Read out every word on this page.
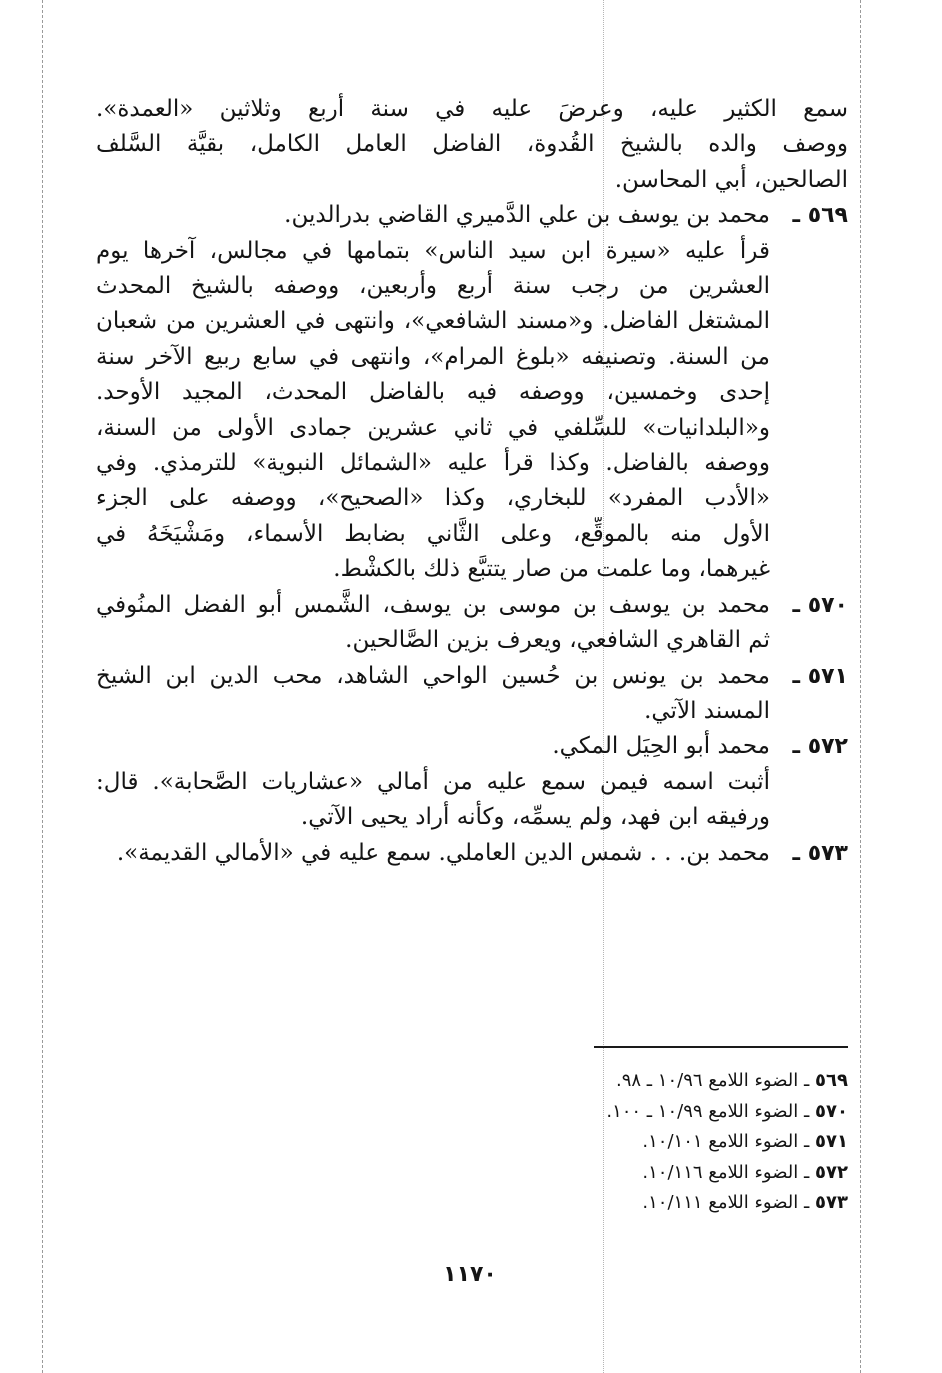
سمع الكثير عليه، وعرضَ عليه في سنة أربع وثلاثين «العمدة».
ووصف والده بالشيخ القُدوة، الفاضل العامل الكامل، بقيَّة السَّلف
الصالحين، أبي المحاسن.
٥٦٩ ـ
محمد بن يوسف بن علي الدَّميري القاضي بدرالدين.
قرأ عليه «سيرة ابن سيد الناس» بتمامها في مجالس، آخرها يوم
العشرين من رجب سنة أربع وأربعين، ووصفه بالشيخ المحدث
المشتغل الفاضل. و«مسند الشافعي»، وانتهى في العشرين من شعبان
من السنة. وتصنيفه «بلوغ المرام»، وانتهى في سابع ربيع الآخر سنة
إحدى وخمسين، ووصفه فيه بالفاضل المحدث، المجيد الأوحد.
و«البلدانيات» للسِّلفي في ثاني عشرين جمادى الأولى من السنة،
ووصفه بالفاضل. وكذا قرأ عليه «الشمائل النبوية» للترمذي. وفي
«الأدب المفرد» للبخاري، وكذا «الصحيح»، ووصفه على الجزء
الأول منه بالموقِّع، وعلى الثَّاني بضابط الأسماء، ومَشْيَخَهُ في
غيرهما، وما علمت من صار يتتبَّع ذلك بالكشْط.
٥٧٠ ـ
محمد بن يوسف بن موسى بن يوسف، الشَّمس أبو الفضل المنُوفي
ثم القاهري الشافعي، ويعرف بزين الصَّالحين.
٥٧١ ـ
محمد بن يونس بن حُسين الواحي الشاهد، محب الدين ابن الشيخ
المسند الآتي.
٥٧٢ ـ
محمد أبو الحِيَل المكي.
أثبت اسمه فيمن سمع عليه من أمالي «عشاريات الصَّحابة». قال:
ورفيقه ابن فهد، ولم يسمِّه، وكأنه أراد يحيى الآتي.
٥٧٣ ـ
محمد بن. . . شمس الدين العاملي. سمع عليه في «الأمالي القديمة».
٥٦٩ ـ الضوء اللامع ١٠/٩٦ ـ ٩٨.
٥٧٠ ـ الضوء اللامع ١٠/٩٩ ـ ١٠٠.
٥٧١ ـ الضوء اللامع ١٠/١٠١.
٥٧٢ ـ الضوء اللامع ١٠/١١٦.
٥٧٣ ـ الضوء اللامع ١٠/١١١.
١١٧٠
